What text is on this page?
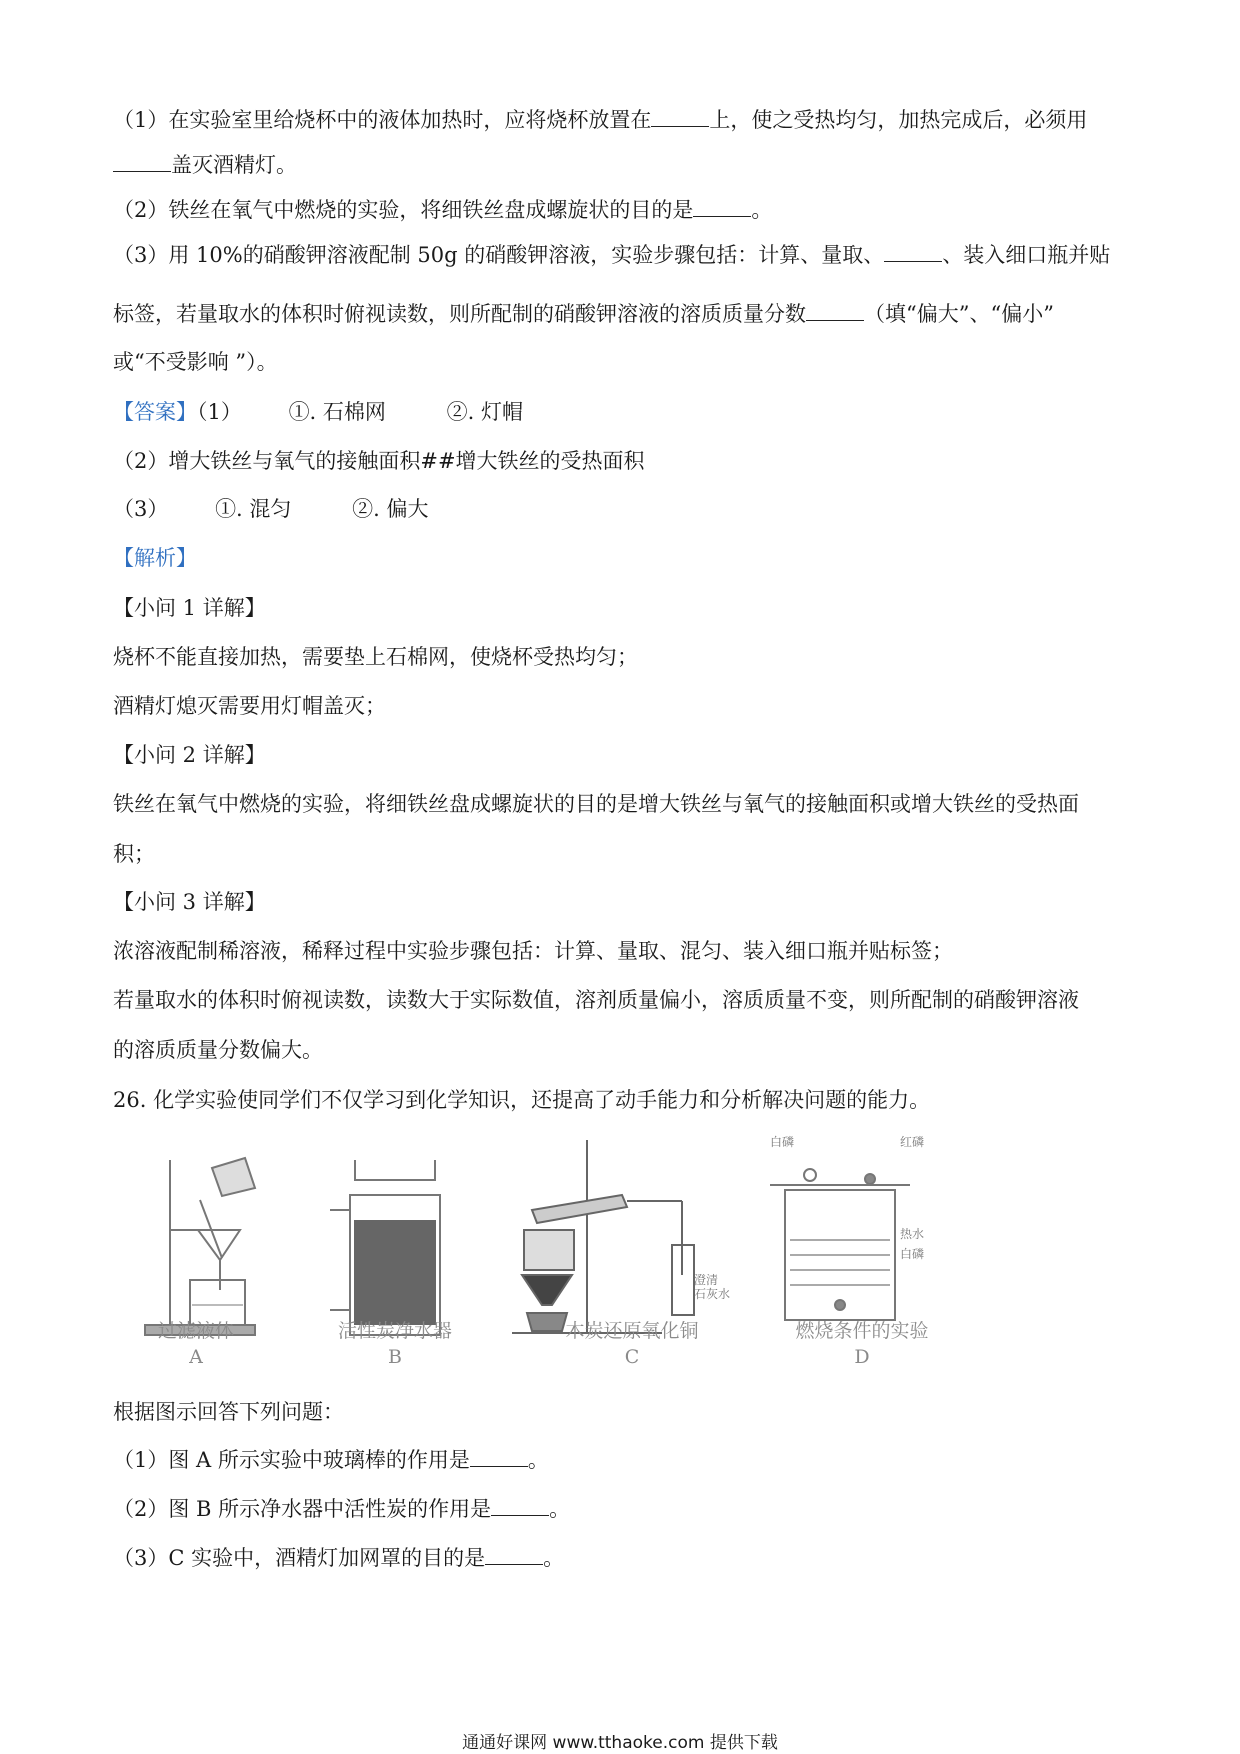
（1）在实验室里给烧杯中的液体加热时，应将烧杯放置在	上，使之受热均匀，加热完成后，必须用
盖灭酒精灯。
（2）铁丝在氧气中燃烧的实验，将细铁丝盘成螺旋状的目的是	。
（3）用 10%的硝酸钾溶液配制 50g 的硝酸钾溶液，实验步骤包括：计算、量取、	、装入细口瓶并贴
标签，若量取水的体积时俯视读数，则所配制的硝酸钾溶液的溶质质量分数	（填“偏大”、“偏小”
或“不受影响 ”）。
【答案】（1） ①. 石棉网	②. 灯帽
（2）增大铁丝与氧气的接触面积##增大铁丝的受热面积
（3） ①. 混匀	②. 偏大
【解析】
【小问 1 详解】
烧杯不能直接加热，需要垫上石棉网，使烧杯受热均匀；
酒精灯熄灭需要用灯帽盖灭；
【小问 2 详解】
铁丝在氧气中燃烧的实验，将细铁丝盘成螺旋状的目的是增大铁丝与氧气的接触面积或增大铁丝的受热面
积；
【小问 3 详解】
浓溶液配制稀溶液，稀释过程中实验步骤包括：计算、量取、混匀、装入细口瓶并贴标签；
若量取水的体积时俯视读数，读数大于实际数值，溶剂质量偏小，溶质质量不变，则所配制的硝酸钾溶液
的溶质质量分数偏大。
26. 化学实验使同学们不仅学习到化学知识，还提高了动手能力和分析解决问题的能力。
过滤液体
A
活性炭净水器
B
澄清
石灰水
木炭还原氧化铜
C
白磷	红磷
热水
白磷
燃烧条件的实验
D
根据图示回答下列问题：
（1）图 A 所示实验中玻璃棒的作用是	。
（2）图 B 所示净水器中活性炭的作用是	。
（3）C 实验中，酒精灯加网罩的目的是	。
通通好课网 www.tthaoke.com 提供下载
